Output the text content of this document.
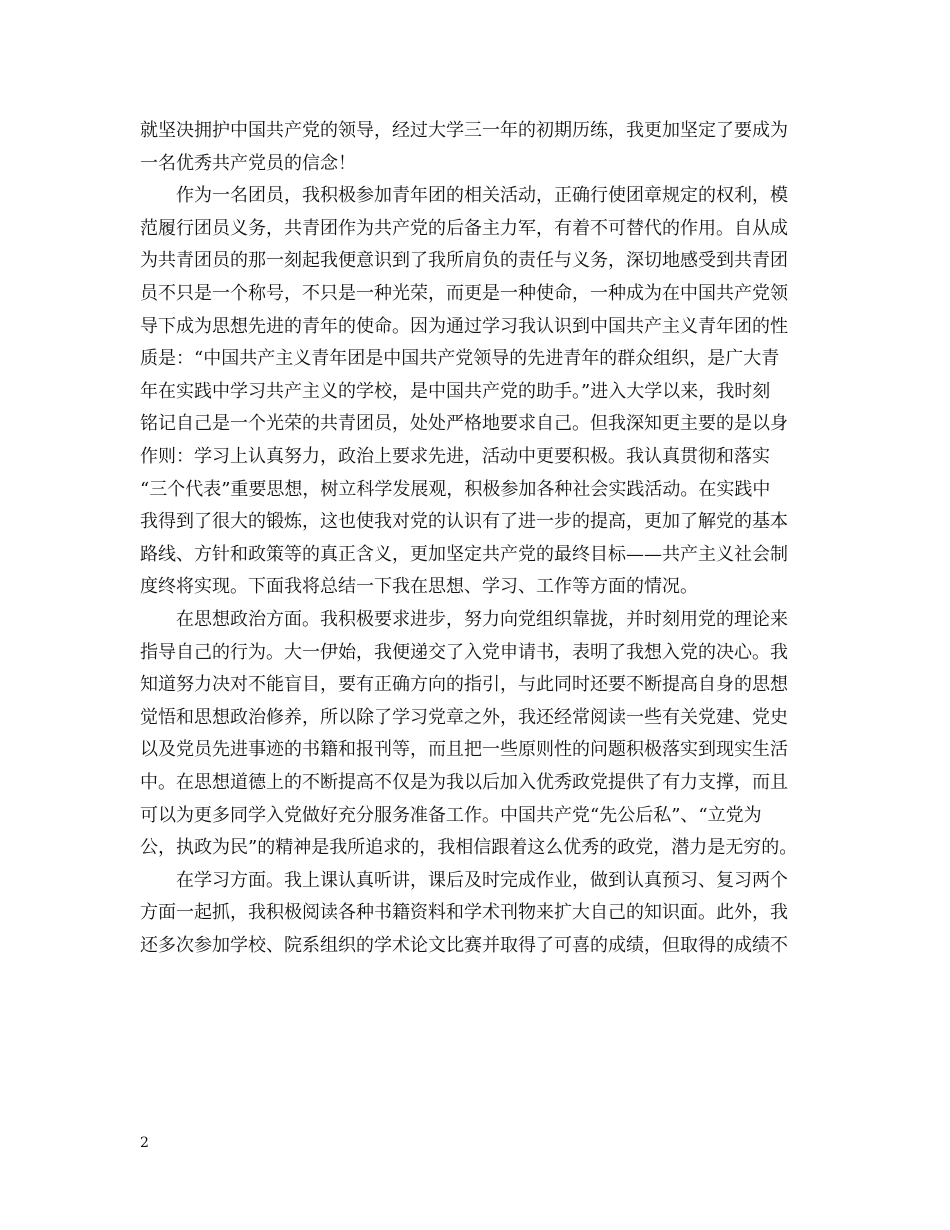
就坚决拥护中国共产党的领导，经过大学三一年的初期历练，我更加坚定了要成为
一名优秀共产党员的信念！
　　作为一名团员，我积极参加青年团的相关活动，正确行使团章规定的权利，模
范履行团员义务，共青团作为共产党的后备主力军，有着不可替代的作用。自从成
为共青团员的那一刻起我便意识到了我所肩负的责任与义务，深切地感受到共青团
员不只是一个称号，不只是一种光荣，而更是一种使命，一种成为在中国共产党领
导下成为思想先进的青年的使命。因为通过学习我认识到中国共产主义青年团的性
质是：“中国共产主义青年团是中国共产党领导的先进青年的群众组织，是广大青
年在实践中学习共产主义的学校，是中国共产党的助手。”进入大学以来，我时刻
铭记自己是一个光荣的共青团员，处处严格地要求自己。但我深知更主要的是以身
作则：学习上认真努力，政治上要求先进，活动中更要积极。我认真贯彻和落实
“三个代表”重要思想，树立科学发展观，积极参加各种社会实践活动。在实践中
我得到了很大的锻炼，这也使我对党的认识有了进一步的提高，更加了解党的基本
路线、方针和政策等的真正含义，更加坚定共产党的最终目标——共产主义社会制
度终将实现。下面我将总结一下我在思想、学习、工作等方面的情况。
　　在思想政治方面。我积极要求进步，努力向党组织靠拢，并时刻用党的理论来
指导自己的行为。大一伊始，我便递交了入党申请书，表明了我想入党的决心。我
知道努力决对不能盲目，要有正确方向的指引，与此同时还要不断提高自身的思想
觉悟和思想政治修养，所以除了学习党章之外，我还经常阅读一些有关党建、党史
以及党员先进事迹的书籍和报刊等，而且把一些原则性的问题积极落实到现实生活
中。在思想道德上的不断提高不仅是为我以后加入优秀政党提供了有力支撑，而且
可以为更多同学入党做好充分服务准备工作。中国共产党“先公后私”、“立党为
公，执政为民”的精神是我所追求的，我相信跟着这么优秀的政党，潜力是无穷的。
　　在学习方面。我上课认真听讲，课后及时完成作业，做到认真预习、复习两个
方面一起抓，我积极阅读各种书籍资料和学术刊物来扩大自己的知识面。此外，我
还多次参加学校、院系组织的学术论文比赛并取得了可喜的成绩，但取得的成绩不
2
